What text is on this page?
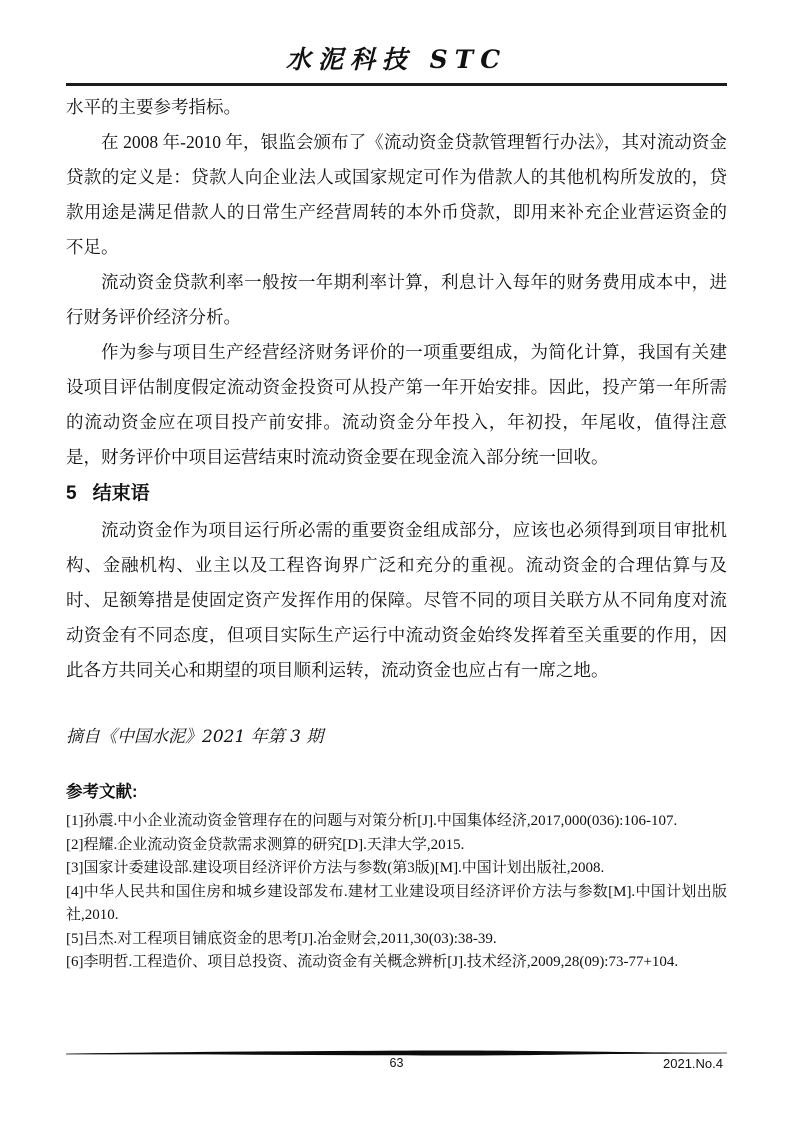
水泥科技 STC

水平的主要参考指标。

在 2008 年-2010 年，银监会颁布了《流动资金贷款管理暂行办法》，其对流动资金贷款的定义是：贷款人向企业法人或国家规定可作为借款人的其他机构所发放的，贷款用途是满足借款人的日常生产经营周转的本外币贷款，即用来补充企业营运资金的不足。

流动资金贷款利率一般按一年期利率计算，利息计入每年的财务费用成本中，进行财务评价经济分析。

作为参与项目生产经营经济财务评价的一项重要组成，为简化计算，我国有关建设项目评估制度假定流动资金投资可从投产第一年开始安排。因此，投产第一年所需的流动资金应在项目投产前安排。流动资金分年投入，年初投，年尾收，值得注意是，财务评价中项目运营结束时流动资金要在现金流入部分统一回收。

5 结束语

流动资金作为项目运行所必需的重要资金组成部分，应该也必须得到项目审批机构、金融机构、业主以及工程咨询界广泛和充分的重视。流动资金的合理估算与及时、足额筹措是使固定资产发挥作用的保障。尽管不同的项目关联方从不同角度对流动资金有不同态度，但项目实际生产运行中流动资金始终发挥着至关重要的作用，因此各方共同关心和期望的项目顺利运转，流动资金也应占有一席之地。

摘自《中国水泥》2021 年第 3 期
参考文献:
[1]孙震.中小企业流动资金管理存在的问题与对策分析[J].中国集体经济,2017,000(036):106-107.
[2]程耀.企业流动资金贷款需求测算的研究[D].天津大学,2015.
[3]国家计委建设部.建设项目经济评价方法与参数(第3版)[M].中国计划出版社,2008.
[4]中华人民共和国住房和城乡建设部发布.建材工业建设项目经济评价方法与参数[M].中国计划出版社,2010.
[5]吕杰.对工程项目铺底资金的思考[J].冶金财会,2011,30(03):38-39.
[6]李明哲.工程造价、项目总投资、流动资金有关概念辨析[J].技术经济,2009,28(09):73-77+104.
63	2021.No.4
